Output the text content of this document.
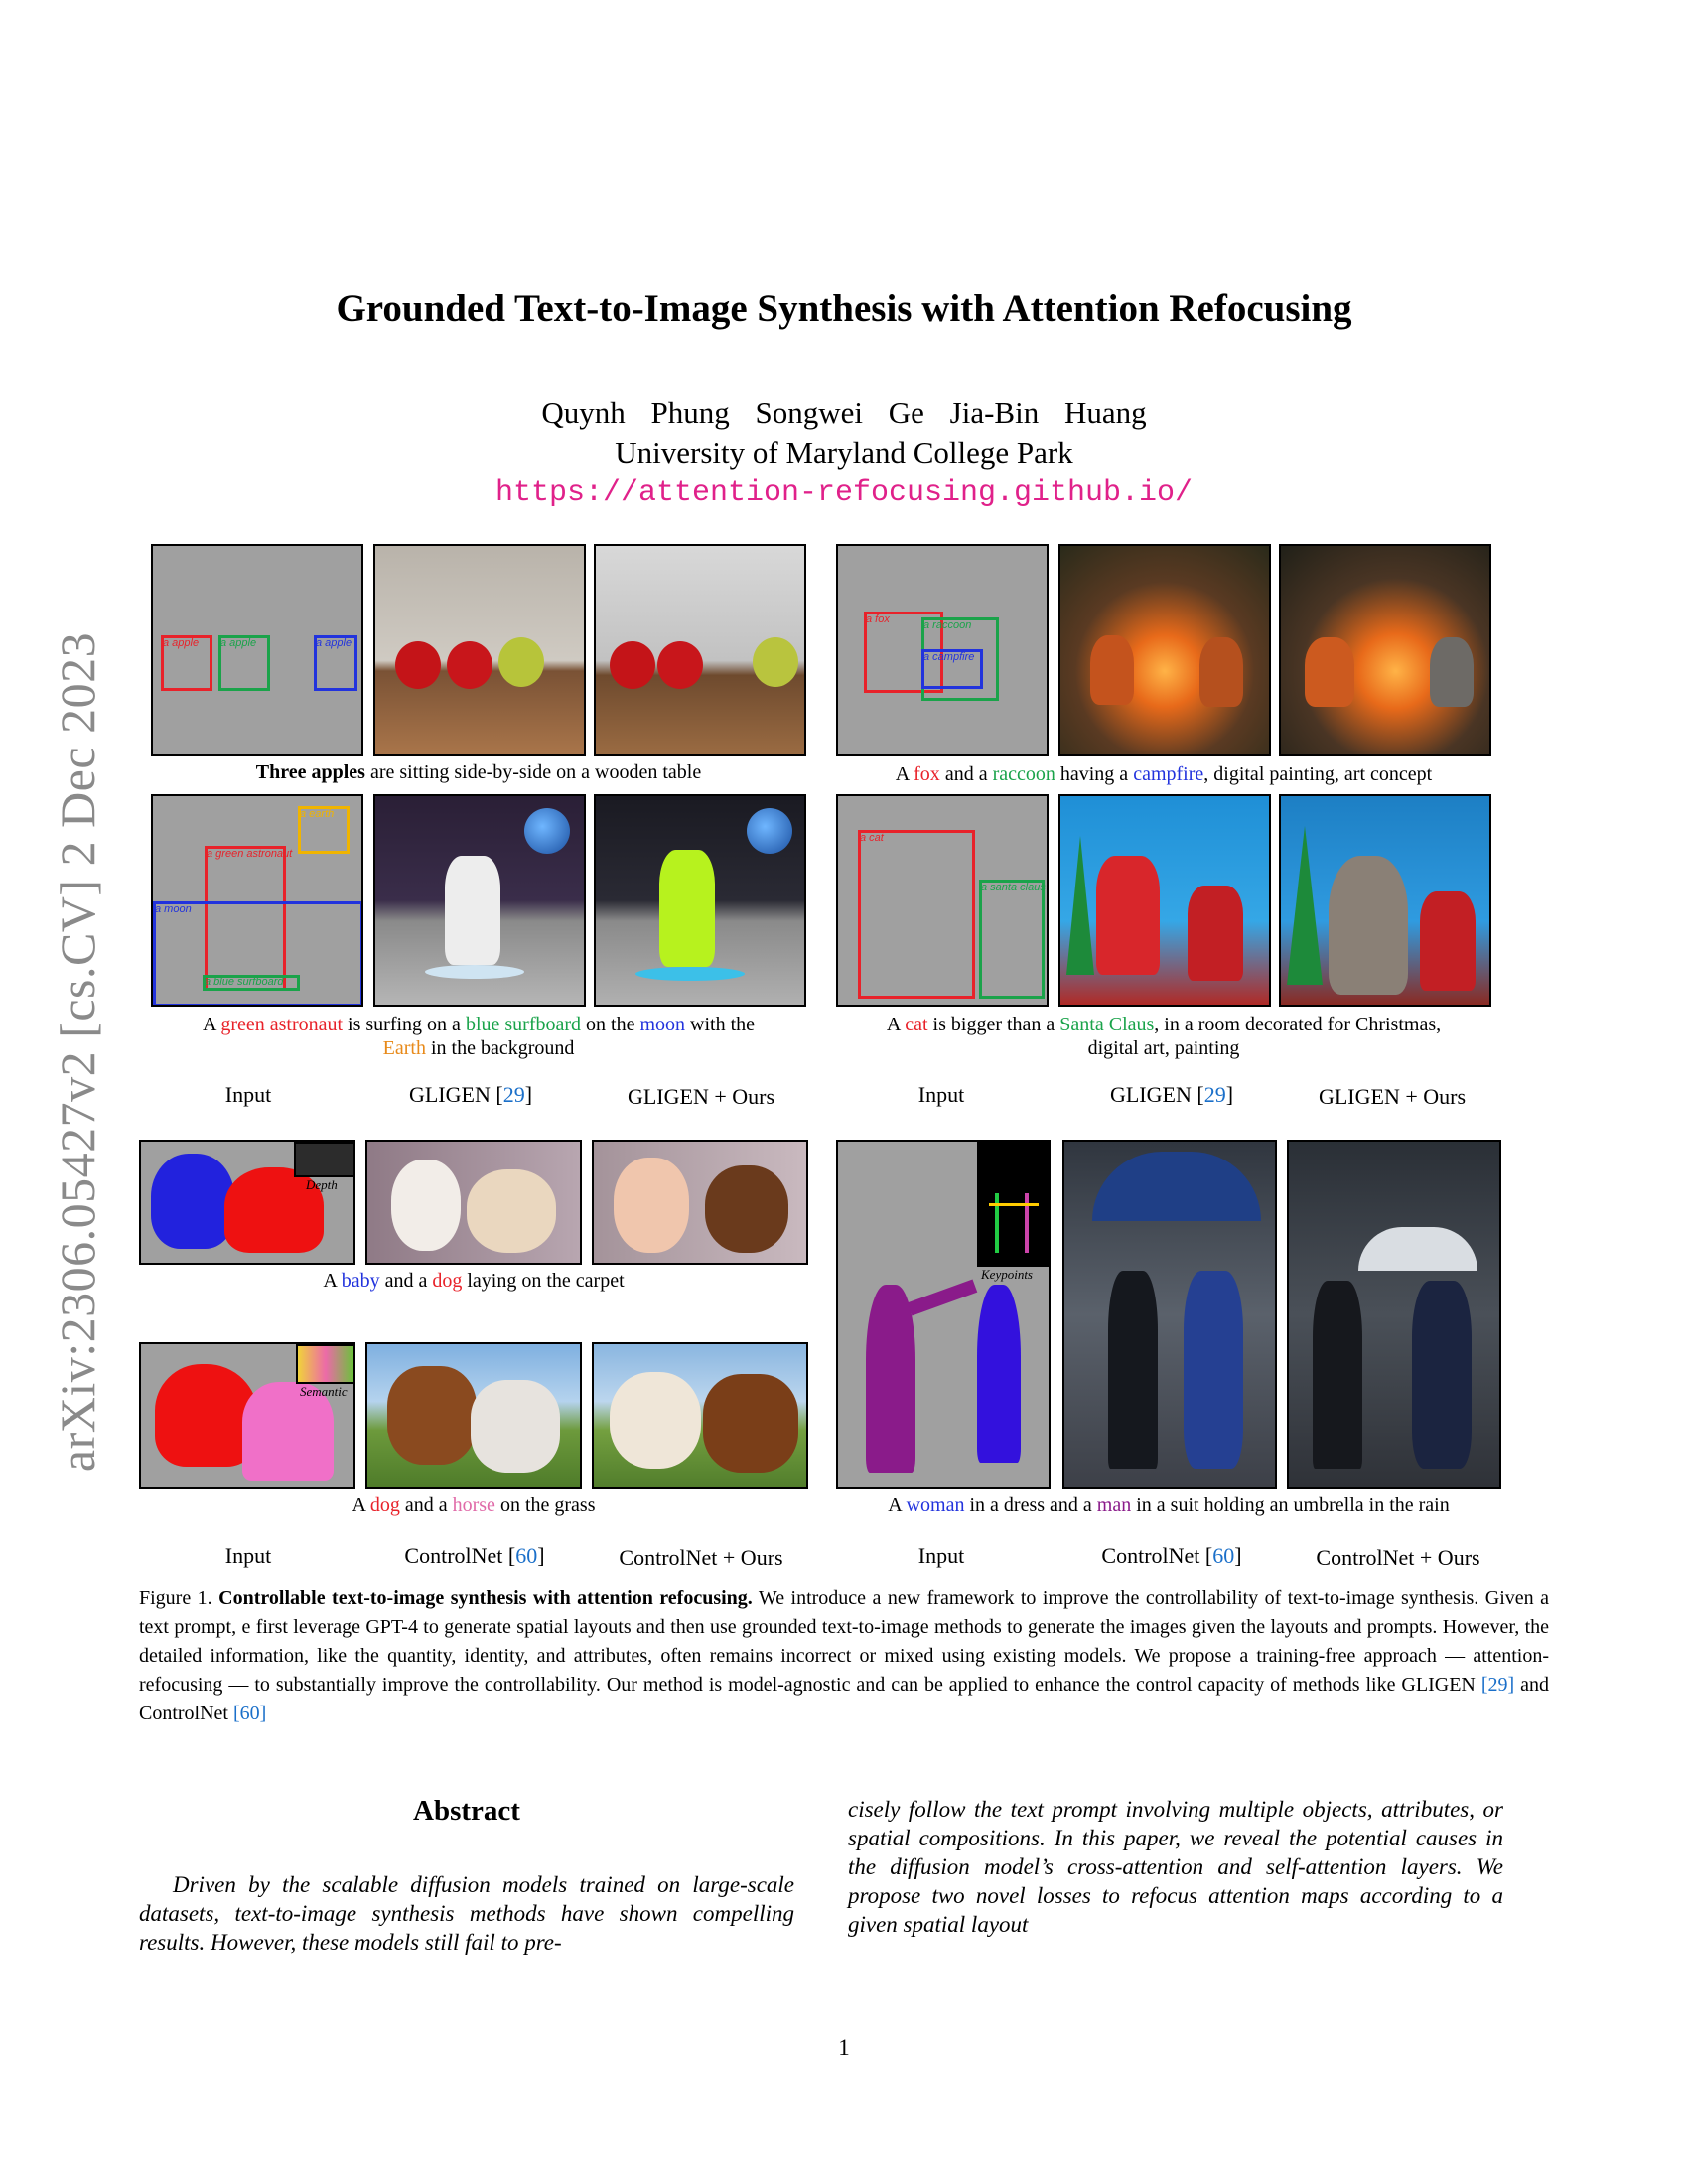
arXiv:2306.05427v2 [cs.CV] 2 Dec 2023
Grounded Text-to-Image Synthesis with Attention Refocusing
Quynh Phung Songwei Ge Jia-Bin Huang
University of Maryland College Park
https://attention-refocusing.github.io/
a apple a apple	a apple
Three apples are sitting side-by-side on a wooden table
a fox	a raccoon
a campfire
A fox and a raccoon having a campfire, digital painting, art concept
a earth
a green astronaut
a moon
a blue surfboard
A green astronaut is surfing on a blue surfboard on the moon with the
Earth in the background
a cat
a santa claus
A cat is bigger than a Santa Claus, in a room decorated for Christmas,
digital art, painting
Input	GLIGEN [29]	GLIGEN + Ours	Input	GLIGEN [29]	GLIGEN + Ours
Depth
A baby and a dog laying on the carpet	Keypoints
A woman in a dress and a man in a suit holding an umbrella in the rain
Semantic
A dog and a horse on the grass
Input	ControlNet [60]	ControlNet + Ours	Input	ControlNet [60]	ControlNet + Ours
Figure 1. Controllable text-to-image synthesis with attention refocusing. We introduce a new framework to improve the controllability of text-to-image synthesis. Given a text prompt, e first leverage GPT-4 to generate spatial layouts and then use grounded text-to-image methods to generate the images given the layouts and prompts. However, the detailed information, like the quantity, identity, and attributes, often remains incorrect or mixed using existing models. We propose a training-free approach — attention-refocusing — to substantially improve the controllability. Our method is model-agnostic and can be applied to enhance the control capacity of methods like GLIGEN [29] and ControlNet [60]
Abstract
Driven by the scalable diffusion models trained on large-scale datasets, text-to-image synthesis methods have shown compelling results. However, these models still fail to pre-
cisely follow the text prompt involving multiple objects, attributes, or spatial compositions. In this paper, we reveal the potential causes in the diffusion model’s cross-attention and self-attention layers. We propose two novel losses to refocus attention maps according to a given spatial layout
1
